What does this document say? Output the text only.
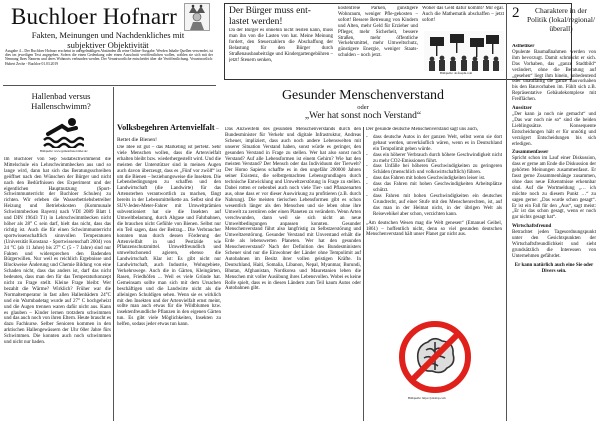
Buchloer Hofnarr
Fakten, Meinungen und Nachdenkliches mit
subjektiver Objektivität
Ausgabe 4 – Der Buchloer Hofnarr erscheint in unregelmäßigen Abständen als reine Online-Ausgabe. Werden Inhalte Quellen verwendet, ist dies im jeweiligen Text angegeben. Sofern die einen Gedenkung oder einen Ausschnitt veröffentlichen wollen, wählen sie sich mit der Nennung Ihres Namens und deres Wohnorts verbunden werden. Der Verantwortliche entscheidet über die Veröffentlichung. Verantwortlich: Hubert Zeche - Buchloe 01.03.2019
Hallenbad versus Hallenschwimm?
Bildquelle: www.gemeinfreie-bilder.de/
Im Buchloer von Sep Südabschwimmend die Mittelschule ein Lehrschwimmbecken aus und so lange wird, dann hat sich das Beratungsschreiben geöffnet nach den Wünschen der Bürger und nicht nach den Bedürfnissen des Experiment und der eigentlichen Hauptnutzung (Sport- Schwimmunterricht der Buchloer Schulen) zu richten. Wir erleben die Wasserbetriebsbetreiber Heizung und Betriebskosten (Kommunale Schwimmbecken Bayern) nach VDI 2089 Blatt 1 und DIN 19643 T1) in Lehrschwimmbecken nicht höher als 28° C sein darf, hielt das nicht, dass das richtig ist. Auch die für einen Schwimmunterricht sportwissenschaftlich sinnvollen Temperaturen (Universität Konstanz - Sportwissenschaft 2004) von 24 °C (ab 11 Jahre) bis 27° C (5 - 7 Jahre) sind nur Fakten und widersprechen den Badenden Bürgerwillen. Nur weil es reichlich Ergebnisse und Blockweise Änderung und Chemie Bildung von eine Schaden nicht, dass das anders ist, darf das nicht bedeuten, dass man den für das Temperaturkonzept nicht zu Frage stellt. Kleine Frage bleibt: Wer bezahlt die Wärme? Wirklich? Früher war die Normaltemperatur in fast allen Hallenbädern 24°C und ein Warmbadetag wurde auf 27° C hochgeheizt und die Augen trennen waren dafür nicht aus. Kann es glauben – Kinder lernen trotzdem schwimmen und das auch noch von ihren Eltern. Heute braucht es dazu Fachkurse. Selber Senioren kommen in den arktischen Hallengewässern der Uhr 60er Jahre fürs Schwimmen. Die konnten auch noch schwimmen und nicht nur baden.
Volksbegehren Artenvielfalt – Rettet die Bienen!
Die Idee ist gut – das Marketing ist perfekt. Sehr viele Menschen wollen, dass die Artenvielfalt erhalten bleibt bzw. wiederhergestellt wird. Und die meisten der Unterstützer sind in meinen Augen auch davon überzeugt, dass es „Fünf vor zwölf“ ist um die Bienen – beziehungsweise die Insekten. Die Lebensbedingungen zu schaffen und den Landwirtschaft (die Landwirte) für das Artensterben verantwortlich zu machen, fängt bereits in der Lebensmittelkette an. Selbst sind die SUV-Jeden-Meter-Fahrer mit Umweltprämien subventioniert hat sie die Insekten auf Umweltbelastung, durch Abgase und Fahrbahnen, die brauchen nicht Gefühle von Bienen. Selbst nur ein Teil sagen, dass der Beitrag... Die Verbraucher konnten man durch dessen Förderung der Artenvielfalt in und Pestizide wie Pflanzenschutzmittel. Umweltfreundlich und umweltschonend agieren, ebenso die Landwirtschaft. Klar ist: Es gibt nicht nur Landwirtschaft, auch Industrie, Wohngebiete, Verkehrswege. Auch die in Gärten, Kleingärten, Rasen, Friedhöfen ... Weil es viele Gründe hat. Gemeinsam sollte man sich mit dem Ursachen beschäftigen und die Landwirte nicht als die alleinigen Schuldigen sehen. Wenn sie es wirklich mit den Insekten und der Artenvielfalt ernst meint, sollte man auch etwas für die Wildblumen bzw. insektenfreundliche Pflanzen in den eigenen Gärten tun. Es gibt viele Möglichkeiten, Insekten zu helfen, sodass jeder etwas tun kann.
Der Bürger muss ent-
lastet werden!
Da der Bürger es ohnehin nicht leisten kann, muss man ihn von die Lasten von hat. Meine Meinung fordert, den Steuerzahlern die Abschaffung der Belastung für den Bürger durch Straßenausbaubeiträge und Kindergartengebühren – jetzt! Steuern senken,
kostenfreie Parken, günstigere Wohnraum, weniger Pfle-gekosten – sofort! Bessere Betreuung von Kindern und Alten, mehr Geld für Erzieher und Pfleger, mehr Sicherheit, bessere Straßen, mehr öffentliche Verkehrsmittel, mehr Umweltschutz, günstigere Energie, weniger Staats-schulden – noch jetzt.
Woher das Geld dafür kommt? Mir egal. Auch die Mathematik abschaffen – jetzt sofort!
Bildquelle: de.freepik.com
Gesunder Menschenverstand
oder
„Wer hat sonst noch Verstand“
Das Anzweifeln des gesunden Menschenverstands durch den Bundesminister für Verkehr und digitale Infrastruktur, Andreas Scheuer, impliziert, dass auch noch andere Lebenswelten mit unserer Situation Verstand haben, sonst würde es geringer, den gesunden Verstand in Frage zu stellen. Wer hat also sonst noch Verstand? Auf alle Lebensformen ist einem Gehirn? Wie hat den meisten Verstand? Der Mensch oder das Individuum der Tierwelt? Der Homo Sapiens schaffte es in den ungefähr 200000 Jahren seiner Existenz, die selbstgemachten Lebensgrundlagen durch technische Entwicklung und Umweltzerstörung in Frage zu stellen. Dabei rotten er nebenbei auch noch viele Tier- und Pflanzenarten aus, ohne dass er vor dieser Auswirkung zu profitieren (z.B. durch Nahrung). Die meisten tierischen Lebensformen gibt es schon wesentlich länger als den Menschen und sie leben ohne ihre Umwelt zu zerstören oder einen Planeten zu verändern. Wenn Arten verschwunden, dann weil sie sich nicht an neue Umweltbedingungen anpassen konnten. Gesunder Menschenverstand führt also langfristig zu Selbstzerstörung und Umweltzerstörung. Gesunder Verstand mit Unverstand erhält die Erde als lebenswerten Planeten. Wer hat den gesunden Menschenverstand? Nach der Definition des Bundesministers Scheuer sind nur die Einwohner der Länder ohne Tempolimit auf Autobahnen im Besitz ihrer vollen geistigen Kräfte. In Deutschland, Haiti, Somalia, Libanon, Nepal, Myanmar, Burundi, Bhutan, Afghanistan, Nordkorea und Mauretanien leben die Menschen mit voller Ausübung ihres Lebensvollen. Wobei es keine Rolle spielt, dass es in diesen Ländern zum Teil kaum Autos oder Autobahnen gibt.

Der gesunde deutsche Menschenverstand sagt uns auch,

-	dass deutsche Autos in der ganzen Welt, selbst wenn sie dort gebaut werden, unverkäuflich wären, wenn es in Deutschland ein Tempolimit geben würde.
-	dass ein höherer Verbrauch durch höhere Geschwindigkeit nicht zu mehr CO2-Emissionen führt.
-	dass Unfälle bei höheren Geschwindigkeiten zu geringeren Schäden (menschlich und volkswirtschaftlich) führen.
-	dass das Fahren mit hohen Geschwindigkeiten leiser ist.
-	dass das Fahren mit hohen Geschwindigkeiten Arbeitsplätze schützt.
-	dass Fahren mit hohen Geschwindigkeiten ein deutsches Grundrecht, auf einer Stufe mit den Menschenrechten, ist, auf das man in der Heimat nicht, in der übrigen Welt als Reisevehikel aber schon, verzichten kann.

„Am deutschen Wesen mag die Welt genesen“ (Emanuel Geibel, 1861) – hoffentlich nicht, denn so viel gesunden deutschen Menschenverstand hält unser Planet gar nicht aus.

Bildquelle: https://pixabay.com
2	Charaktere in der Politik (lokal/regional/überall)

Ästhetiker

Opulente Baumaßnahmen werden von ihm bevorzugt. Damit schmückt er sich. Das Vorhaben, das „ganze Stadtbild“ verändert, ohne die Beratung auf „gesehen“ liegt ihm hinein, unbedeutend oder unauffällig die ganze Bauvorhaben bis den Bauvorhaben im. Fühlt sich z.B. Repräsentative Gebäudekomplexe mit Freiflächen.

Aussitzer

„Der kann ja noch nie gemacht“ und „Das war noch nie so“ sind die beiden Lieblingssätze. Konsequente Entscheidungen hält er für unnötig und verzögert Entscheidungen bis sich erledigen.

Zusammenfasser

Spricht schon im Lauf einer Diskussion, dass er gerne am Ende die Diskussion der gehörten Meinungen zusammenfasst. Er fasst gerne Zusammenhänge zusammen, ohne dass neue Erkenntnisse erkennbar sind. Auf die Wortmeldung „… ich möchte noch zu diesem Punkt …“ zu sagen gerne: „Das wurde schon gesagt“. Er ist ein Fall für den „Aus“, sagt meist: „Er ist das schon gesagt, wenn er noch gar nichts gesagt hat“.

Wirtschaftsfreund

Betrachtet jeden Tagesordnungspunkt unter den Gesichtspunkten der Wirtschaftsfreundlichkeit und sieht grundsätzlich die Interessen von Unternehmen gefährdet.

Er kann natürlich auch eine Sie oder Divers sein.
